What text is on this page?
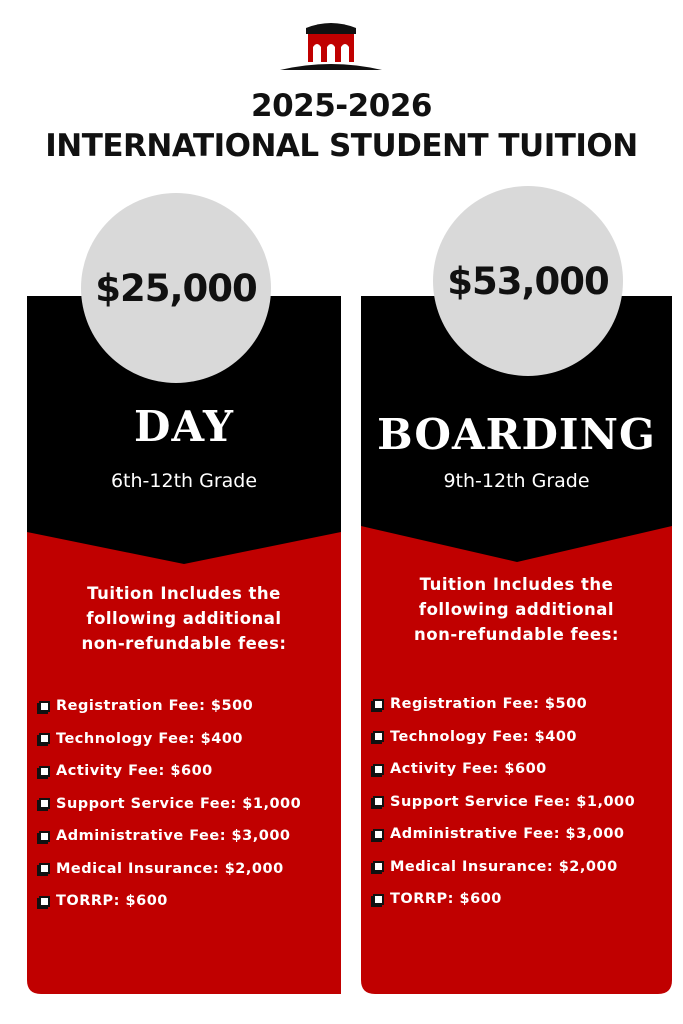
2025-2026
INTERNATIONAL STUDENT TUITION
DAY
6th-12th Grade
Tuition Includes the
following additional
non-refundable fees:
Registration Fee: $500
Technology Fee: $400
Activity Fee: $600
Support Service Fee: $1,000
Administrative Fee: $3,000
Medical Insurance: $2,000
TORRP: $600
BOARDING
9th-12th Grade
Tuition Includes the
following additional
non-refundable fees:
Registration Fee: $500
Technology Fee: $400
Activity Fee: $600
Support Service Fee: $1,000
Administrative Fee: $3,000
Medical Insurance: $2,000
TORRP: $600
$25,000	$53,000
